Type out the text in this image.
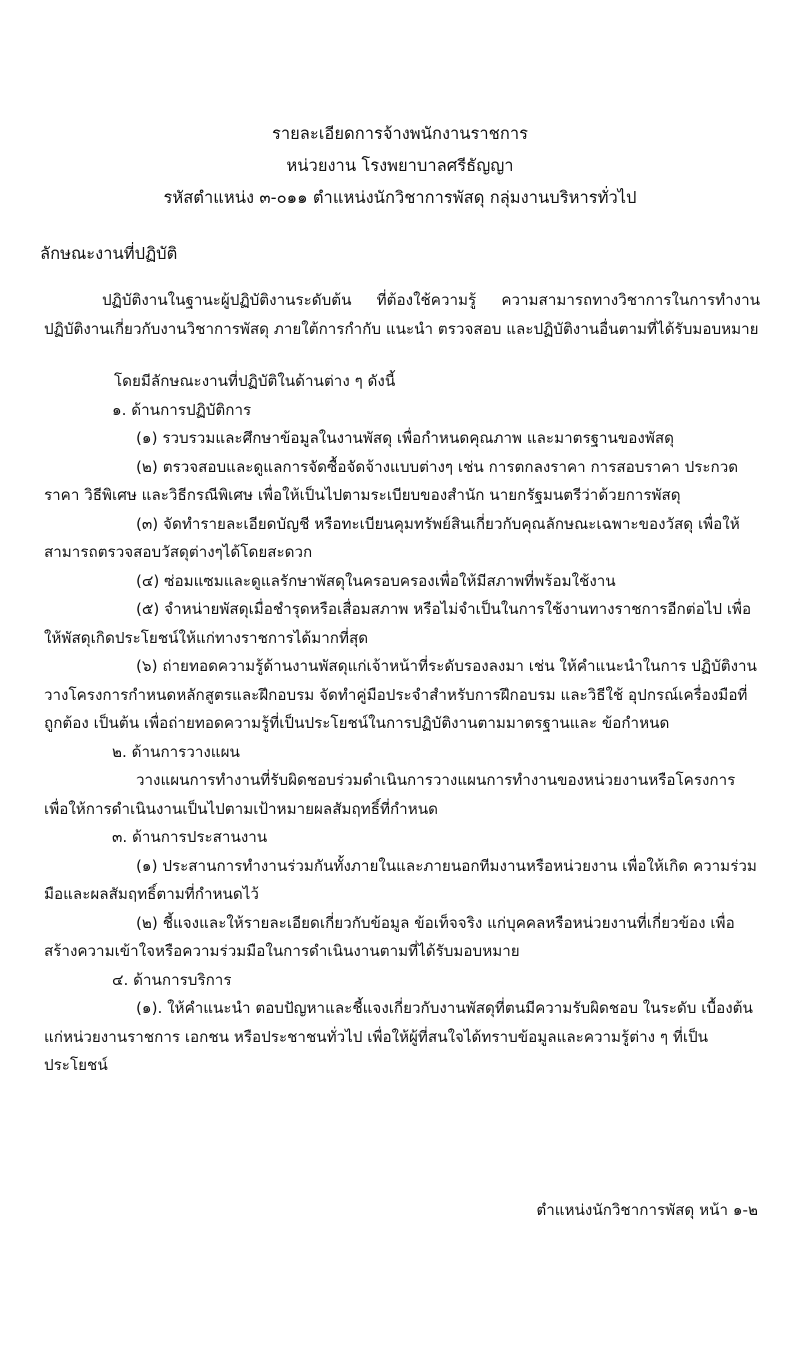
รายละเอียดการจ้างพนักงานราชการ
หน่วยงาน โรงพยาบาลศรีธัญญา
รหัสตำแหน่ง ๓-๐๑๑ ตำแหน่งนักวิชาการพัสดุ กลุ่มงานบริหารทั่วไป
ลักษณะงานที่ปฏิบัติ

ปฏิบัติงานในฐานะผู้ปฏิบัติงานระดับต้น ที่ต้องใช้ความรู้ ความสามารถทางวิชาการในการทำงาน ปฏิบัติงานเกี่ยวกับงานวิชาการพัสดุ ภายใต้การกำกับ แนะนำ ตรวจสอบ และปฏิบัติงานอื่นตามที่ได้รับมอบหมาย

โดยมีลักษณะงานที่ปฏิบัติในด้านต่าง ๆ ดังนี้

๑. ด้านการปฏิบัติการ

(๑) รวบรวมและศึกษาข้อมูลในงานพัสดุ เพื่อกำหนดคุณภาพ และมาตรฐานของพัสดุ

(๒) ตรวจสอบและดูแลการจัดซื้อจัดจ้างแบบต่างๆ เช่น การตกลงราคา การสอบราคา ประกวดราคา วิธีพิเศษ และวิธีกรณีพิเศษ เพื่อให้เป็นไปตามระเบียบของสำนัก นายกรัฐมนตรีว่าด้วยการพัสดุ

(๓) จัดทำรายละเอียดบัญชี หรือทะเบียนคุมทรัพย์สินเกี่ยวกับคุณลักษณะเฉพาะของวัสดุ เพื่อให้สามารถตรวจสอบวัสดุต่างๆได้โดยสะดวก

(๔) ซ่อมแซมและดูแลรักษาพัสดุในครอบครองเพื่อให้มีสภาพที่พร้อมใช้งาน

(๕) จำหน่ายพัสดุเมื่อชำรุดหรือเสื่อมสภาพ หรือไม่จำเป็นในการใช้งานทางราชการอีกต่อไป เพื่อให้พัสดุเกิดประโยชน์ให้แก่ทางราชการได้มากที่สุด

(๖) ถ่ายทอดความรู้ด้านงานพัสดุแก่เจ้าหน้าที่ระดับรองลงมา เช่น ให้คำแนะนำในการ ปฏิบัติงาน วางโครงการกำหนดหลักสูตรและฝึกอบรม จัดทำคู่มือประจำสำหรับการฝึกอบรม และวิธีใช้ อุปกรณ์เครื่องมือที่ถูกต้อง เป็นต้น เพื่อถ่ายทอดความรู้ที่เป็นประโยชน์ในการปฏิบัติงานตามมาตรฐานและ ข้อกำหนด

๒. ด้านการวางแผน

วางแผนการทำงานที่รับผิดชอบร่วมดำเนินการวางแผนการทำงานของหน่วยงานหรือโครงการ เพื่อให้การดำเนินงานเป็นไปตามเป้าหมายผลสัมฤทธิ์ที่กำหนด

๓. ด้านการประสานงาน

(๑) ประสานการทำงานร่วมกันทั้งภายในและภายนอกทีมงานหรือหน่วยงาน เพื่อให้เกิด ความร่วมมือและผลสัมฤทธิ์ตามที่กำหนดไว้

(๒) ชี้แจงและให้รายละเอียดเกี่ยวกับข้อมูล ข้อเท็จจริง แก่บุคคลหรือหน่วยงานที่เกี่ยวข้อง เพื่อสร้างความเข้าใจหรือความร่วมมือในการดำเนินงานตามที่ได้รับมอบหมาย

๔. ด้านการบริการ

(๑). ให้คำแนะนำ ตอบปัญหาและชี้แจงเกี่ยวกับงานพัสดุที่ตนมีความรับผิดชอบ ในระดับ เบื้องต้นแก่หน่วยงานราชการ เอกชน หรือประชาชนทั่วไป เพื่อให้ผู้ที่สนใจได้ทราบข้อมูลและความรู้ต่าง ๆ ที่เป็นประโยชน์

ตำแหน่งนักวิชาการพัสดุ หน้า ๑-๒
